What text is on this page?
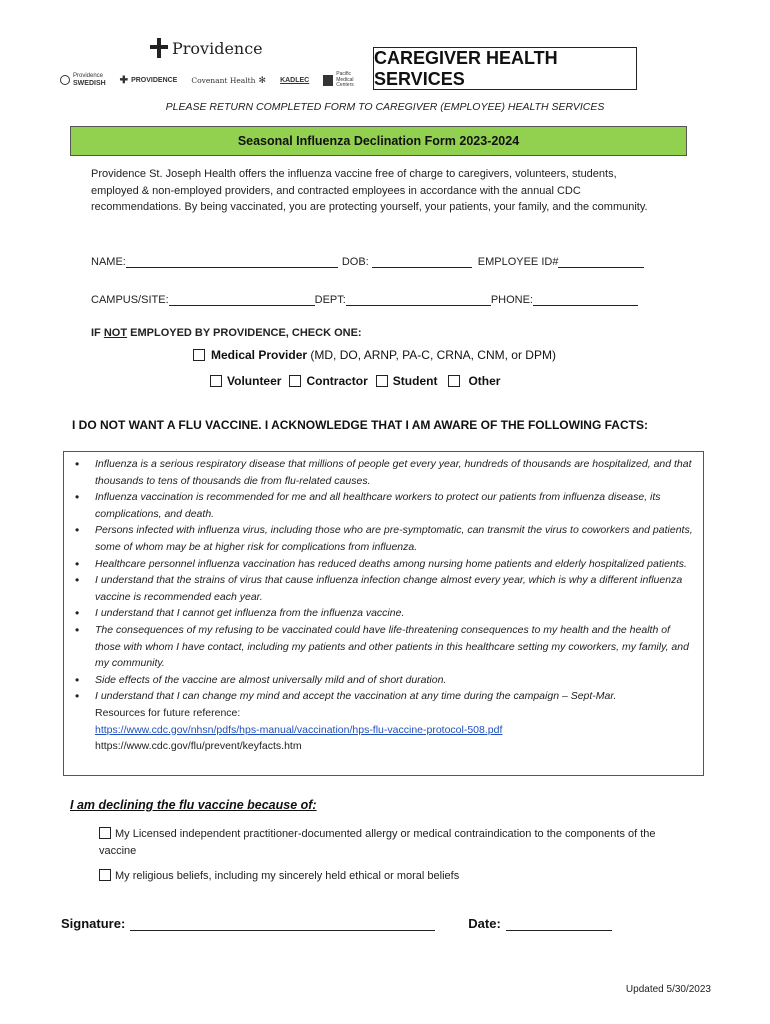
Providence
Providence
SWEDISH ✚ PROVIDENCE Covenant Health ✻ KADLEC
Pacific
Medical
Centers
CAREGIVER HEALTH SERVICES
PLEASE RETURN COMPLETED FORM TO CAREGIVER (EMPLOYEE) HEALTH SERVICES
Seasonal Influenza Declination Form 2023-2024
Providence St. Joseph Health offers the influenza vaccine free of charge to caregivers, volunteers, students, employed & non-employed providers, and contracted employees in accordance with the annual CDC recommendations. By being vaccinated, you are protecting yourself, your patients, your family, and the community.
NAME:	DOB:	EMPLOYEE ID#
CAMPUS/SITE:	DEPT:	PHONE:
IF NOT EMPLOYED BY PROVIDENCE, CHECK ONE:
Medical Provider (MD, DO, ARNP, PA-C, CRNA, CNM, or DPM)
Volunteer Contractor Student	Other
I DO NOT WANT A FLU VACCINE. I ACKNOWLEDGE THAT I AM AWARE OF THE FOLLOWING FACTS:
• Influenza is a serious respiratory disease that millions of people get every year, hundreds of thousands are hospitalized, and that thousands to tens of thousands die from flu-related causes.
• Influenza vaccination is recommended for me and all healthcare workers to protect our patients from influenza disease, its complications, and death.
• Persons infected with influenza virus, including those who are pre-symptomatic, can transmit the virus to coworkers and patients, some of whom may be at higher risk for complications from influenza.
• Healthcare personnel influenza vaccination has reduced deaths among nursing home patients and elderly hospitalized patients.
• I understand that the strains of virus that cause influenza infection change almost every year, which is why a different influenza vaccine is recommended each year.
• I understand that I cannot get influenza from the influenza vaccine.
• The consequences of my refusing to be vaccinated could have life-threatening consequences to my health and the health of those with whom I have contact, including my patients and other patients in this healthcare setting my coworkers, my family, and my community.
• Side effects of the vaccine are almost universally mild and of short duration.
• I understand that I can change my mind and accept the vaccination at any time during the campaign – Sept-Mar.
Resources for future reference:
https://www.cdc.gov/nhsn/pdfs/hps-manual/vaccination/hps-flu-vaccine-protocol-508.pdf
https://www.cdc.gov/flu/prevent/keyfacts.htm
I am declining the flu vaccine because of:
My Licensed independent practitioner-documented allergy or medical contraindication to the components of the vaccine
My religious beliefs, including my sincerely held ethical or moral beliefs
Signature:	Date:
Updated 5/30/2023
